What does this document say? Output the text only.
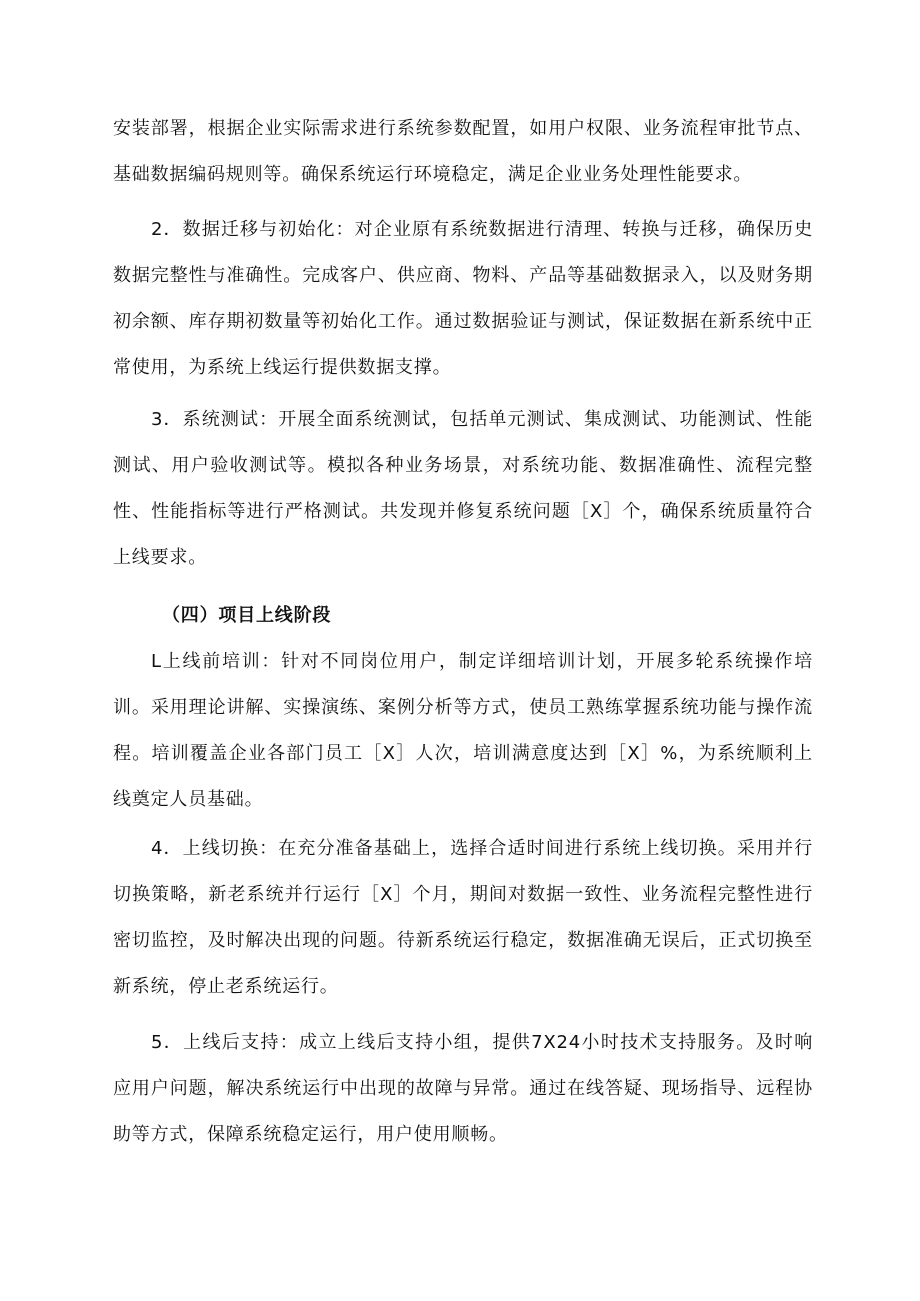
安装部署，根据企业实际需求进行系统参数配置，如用户权限、业务流程审批节点、基础数据编码规则等。确保系统运行环境稳定，满足企业业务处理性能要求。

2．数据迁移与初始化：对企业原有系统数据进行清理、转换与迁移，确保历史数据完整性与准确性。完成客户、供应商、物料、产品等基础数据录入，以及财务期初余额、库存期初数量等初始化工作。通过数据验证与测试，保证数据在新系统中正常使用，为系统上线运行提供数据支撑。

3．系统测试：开展全面系统测试，包括单元测试、集成测试、功能测试、性能测试、用户验收测试等。模拟各种业务场景，对系统功能、数据准确性、流程完整性、性能指标等进行严格测试。共发现并修复系统问题［X］个，确保系统质量符合上线要求。

（四）项目上线阶段

L上线前培训：针对不同岗位用户，制定详细培训计划，开展多轮系统操作培训。采用理论讲解、实操演练、案例分析等方式，使员工熟练掌握系统功能与操作流程。培训覆盖企业各部门员工［X］人次，培训满意度达到［X］%，为系统顺利上线奠定人员基础。

4．上线切换：在充分准备基础上，选择合适时间进行系统上线切换。采用并行切换策略，新老系统并行运行［X］个月，期间对数据一致性、业务流程完整性进行密切监控，及时解决出现的问题。待新系统运行稳定，数据准确无误后，正式切换至新系统，停止老系统运行。

5．上线后支持：成立上线后支持小组，提供7X24小时技术支持服务。及时响应用户问题，解决系统运行中出现的故障与异常。通过在线答疑、现场指导、远程协助等方式，保障系统稳定运行，用户使用顺畅。
